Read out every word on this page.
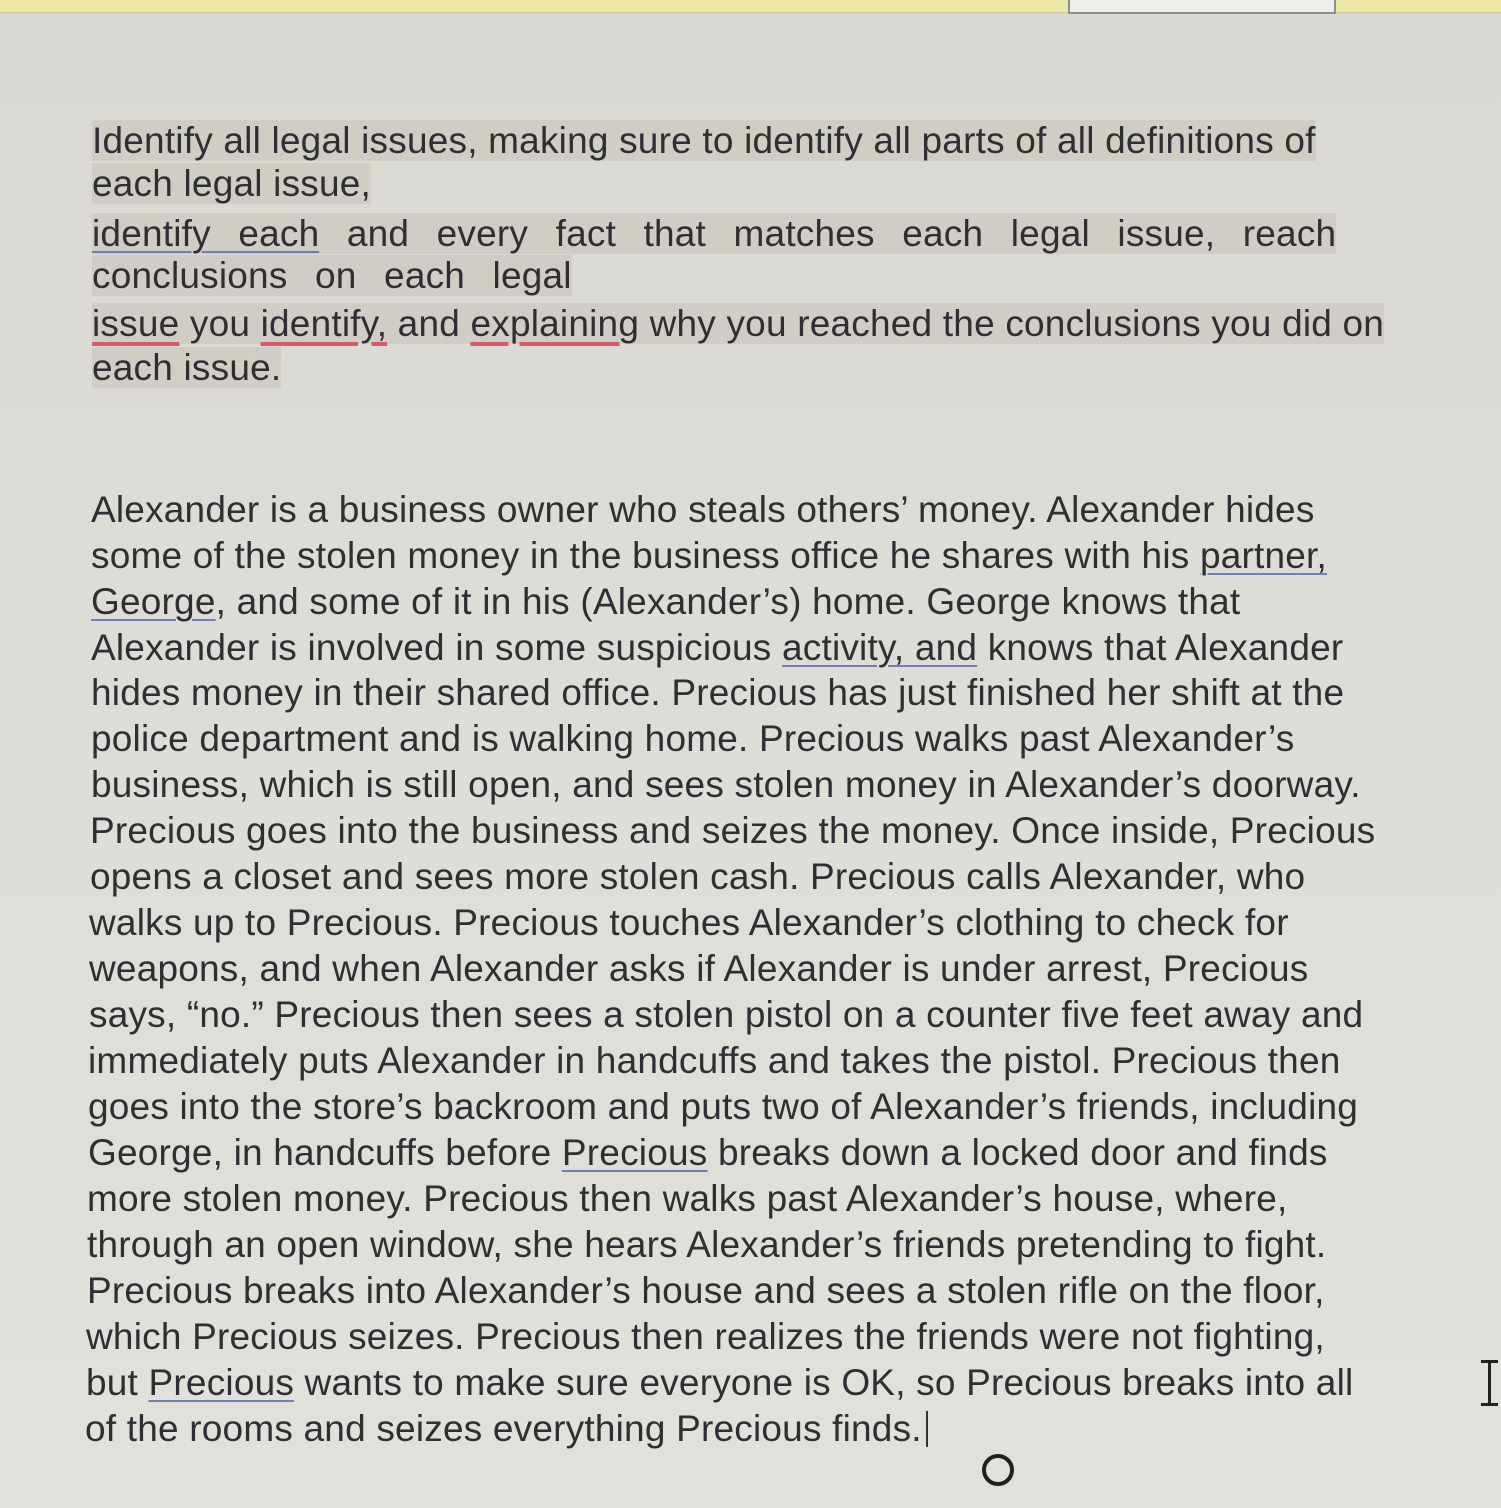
Identify all legal issues, making sure to identify all parts of all definitions of
each legal issue,
identify each and every fact that matches each legal issue, reach
conclusions on each legal
issue you identify, and explaining why you reached the conclusions you did on
each issue.
Alexander is a business owner who steals others’ money. Alexander hides
some of the stolen money in the business office he shares with his partner,
George, and some of it in his (Alexander’s) home. George knows that
Alexander is involved in some suspicious activity, and knows that Alexander
hides money in their shared office. Precious has just finished her shift at the
police department and is walking home. Precious walks past Alexander’s
business, which is still open, and sees stolen money in Alexander’s doorway.
Precious goes into the business and seizes the money. Once inside, Precious
opens a closet and sees more stolen cash. Precious calls Alexander, who
walks up to Precious. Precious touches Alexander’s clothing to check for
weapons, and when Alexander asks if Alexander is under arrest, Precious
says, “no.” Precious then sees a stolen pistol on a counter five feet away and
immediately puts Alexander in handcuffs and takes the pistol. Precious then
goes into the store’s backroom and puts two of Alexander’s friends, including
George, in handcuffs before Precious breaks down a locked door and finds
more stolen money. Precious then walks past Alexander’s house, where,
through an open window, she hears Alexander’s friends pretending to fight.
Precious breaks into Alexander’s house and sees a stolen rifle on the floor,
which Precious seizes. Precious then realizes the friends were not fighting,
but Precious wants to make sure everyone is OK, so Precious breaks into all
of the rooms and seizes everything Precious finds.
